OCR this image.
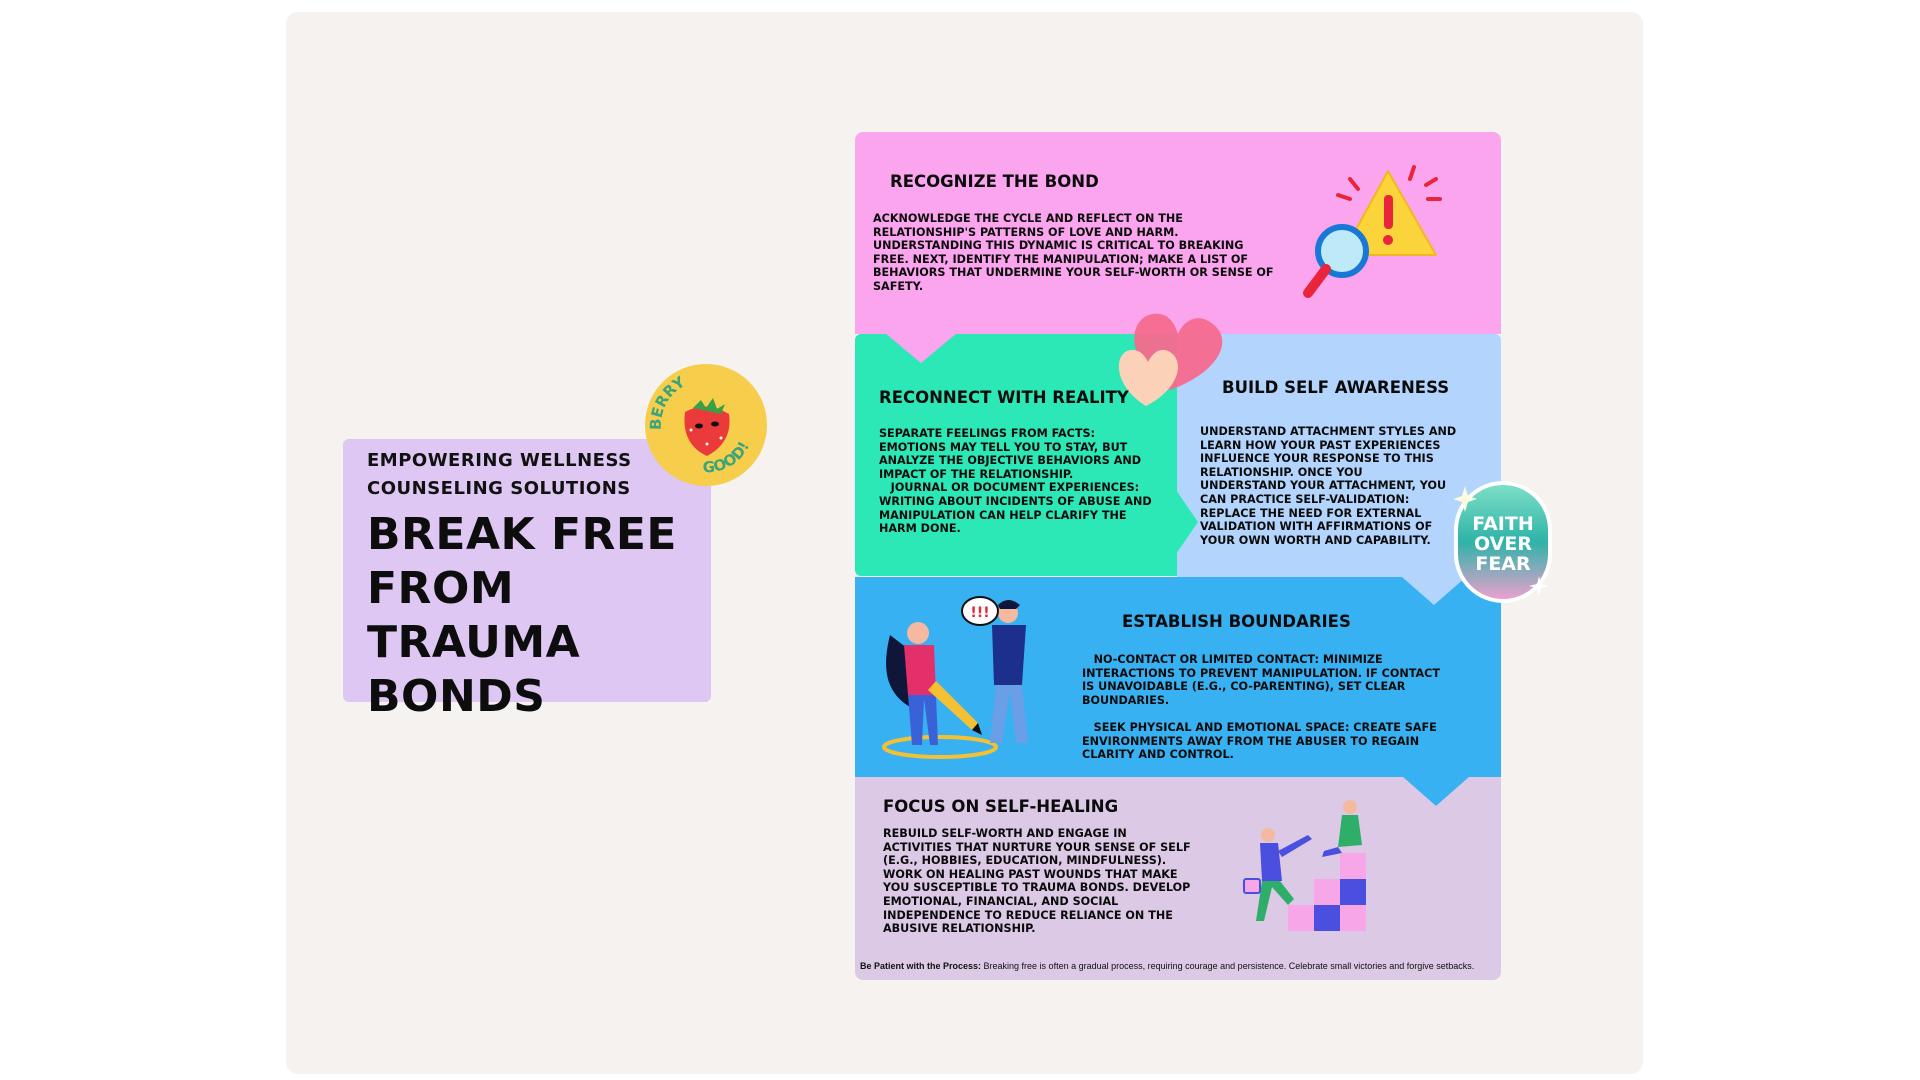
EMPOWERING WELLNESS
COUNSELING SOLUTIONS
BREAK FREE
FROM
TRAUMA
BONDS
BERRY
GOOD!
RECOGNIZE THE BOND
ACKNOWLEDGE THE CYCLE AND REFLECT ON THE
RELATIONSHIP'S PATTERNS OF LOVE AND HARM.
UNDERSTANDING THIS DYNAMIC IS CRITICAL TO BREAKING
FREE. NEXT, IDENTIFY THE MANIPULATION; MAKE A LIST OF
BEHAVIORS THAT UNDERMINE YOUR SELF-WORTH OR SENSE OF
SAFETY.
RECONNECT WITH REALITY
SEPARATE FEELINGS FROM FACTS:
EMOTIONS MAY TELL YOU TO STAY, BUT
ANALYZE THE OBJECTIVE BEHAVIORS AND
IMPACT OF THE RELATIONSHIP.
JOURNAL OR DOCUMENT EXPERIENCES:
WRITING ABOUT INCIDENTS OF ABUSE AND
MANIPULATION CAN HELP CLARIFY THE
HARM DONE.
BUILD SELF AWARENESS
UNDERSTAND ATTACHMENT STYLES AND
LEARN HOW YOUR PAST EXPERIENCES
INFLUENCE YOUR RESPONSE TO THIS
RELATIONSHIP. ONCE YOU
UNDERSTAND YOUR ATTACHMENT, YOU
CAN PRACTICE SELF-VALIDATION:
REPLACE THE NEED FOR EXTERNAL
VALIDATION WITH AFFIRMATIONS OF
YOUR OWN WORTH AND CAPABILITY.
FAITH
OVER
FEAR
!!!	ESTABLISH BOUNDARIES
NO-CONTACT OR LIMITED CONTACT: MINIMIZE
INTERACTIONS TO PREVENT MANIPULATION. IF CONTACT
IS UNAVOIDABLE (E.G., CO-PARENTING), SET CLEAR
BOUNDARIES.
SEEK PHYSICAL AND EMOTIONAL SPACE: CREATE SAFE
ENVIRONMENTS AWAY FROM THE ABUSER TO REGAIN
CLARITY AND CONTROL.
FOCUS ON SELF-HEALING
REBUILD SELF-WORTH AND ENGAGE IN
ACTIVITIES THAT NURTURE YOUR SENSE OF SELF
(E.G., HOBBIES, EDUCATION, MINDFULNESS).
WORK ON HEALING PAST WOUNDS THAT MAKE
YOU SUSCEPTIBLE TO TRAUMA BONDS. DEVELOP
EMOTIONAL, FINANCIAL, AND SOCIAL
INDEPENDENCE TO REDUCE RELIANCE ON THE
ABUSIVE RELATIONSHIP.
Be Patient with the Process: Breaking free is often a gradual process, requiring courage and persistence. Celebrate small victories and forgive setbacks.
